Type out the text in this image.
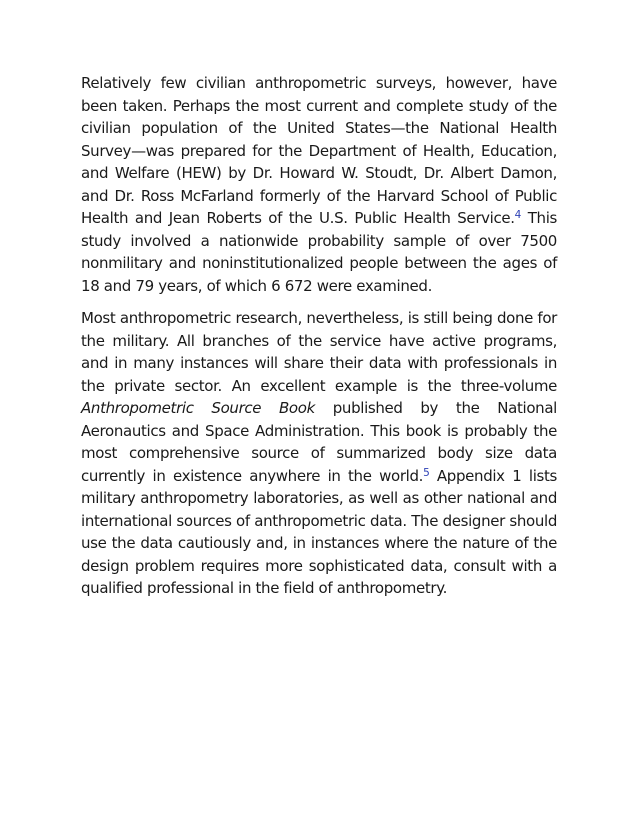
Relatively few civilian anthropometric surveys, however, have been taken. Perhaps the most current and complete study of the civilian population of the United States—the National Health Survey—was prepared for the Department of Health, Education, and Welfare (HEW) by Dr. Howard W. Stoudt, Dr. Albert Damon, and Dr. Ross McFarland formerly of the Harvard School of Public Health and Jean Roberts of the U.S. Public Health Service.$^4$ This study involved a nationwide probability sample of over 7500 nonmilitary and noninstitutionalized people between the ages of 18 and 79 years, of which 6 672 were examined.

Most anthropometric research, nevertheless, is still being done for the military. All branches of the service have active programs, and in many instances will share their data with professionals in the private sector. An excellent example is the three-volume Anthropometric Source Book published by the National Aeronautics and Space Administration. This book is probably the most comprehensive source of summarized body size data currently in existence anywhere in the world.$^5$ Appendix 1 lists military anthropometry laboratories, as well as other national and international sources of anthropometric data. The designer should use the data cautiously and, in instances where the nature of the design problem requires more sophisticated data, consult with a qualified professional in the field of anthropometry.
